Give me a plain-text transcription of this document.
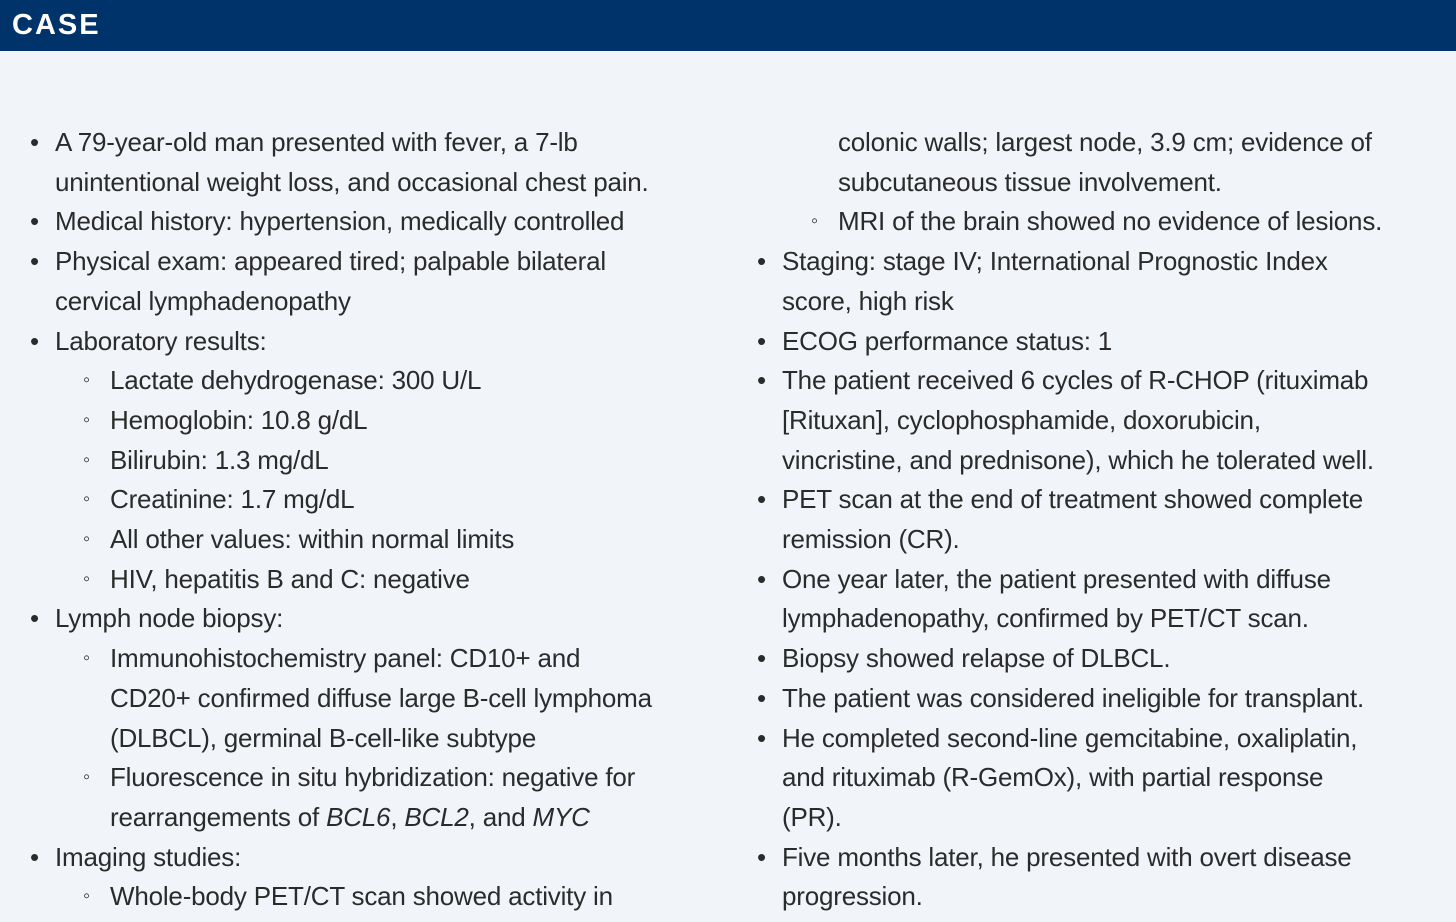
CASE
• A 79-year-old man presented with fever, a 7-lb
unintentional weight loss, and occasional chest pain.
• Medical history: hypertension, medically controlled
• Physical exam: appeared tired; palpable bilateral
cervical lymphadenopathy
• Laboratory results:
◦ Lactate dehydrogenase: 300 U/L
◦ Hemoglobin: 10.8 g/dL
◦ Bilirubin: 1.3 mg/dL
◦ Creatinine: 1.7 mg/dL
◦ All other values: within normal limits
◦ HIV, hepatitis B and C: negative
• Lymph node biopsy:
◦ Immunohistochemistry panel: CD10+ and
CD20+ confirmed diffuse large B-cell lymphoma
(DLBCL), germinal B-cell-like subtype
◦ Fluorescence in situ hybridization: negative for
rearrangements of BCL6, BCL2, and MYC
• Imaging studies:
◦ Whole-body PET/CT scan showed activity in
colonic walls; largest node, 3.9 cm; evidence of
subcutaneous tissue involvement.
◦ MRI of the brain showed no evidence of lesions.
• Staging: stage IV; International Prognostic Index
score, high risk
• ECOG performance status: 1
• The patient received 6 cycles of R-CHOP (rituximab
[Rituxan], cyclophosphamide, doxorubicin,
vincristine, and prednisone), which he tolerated well.
• PET scan at the end of treatment showed complete
remission (CR).
• One year later, the patient presented with diffuse
lymphadenopathy, confirmed by PET/CT scan.
• Biopsy showed relapse of DLBCL.
• The patient was considered ineligible for transplant.
• He completed second-line gemcitabine, oxaliplatin,
and rituximab (R-GemOx), with partial response
(PR).
• Five months later, he presented with overt disease
progression.
